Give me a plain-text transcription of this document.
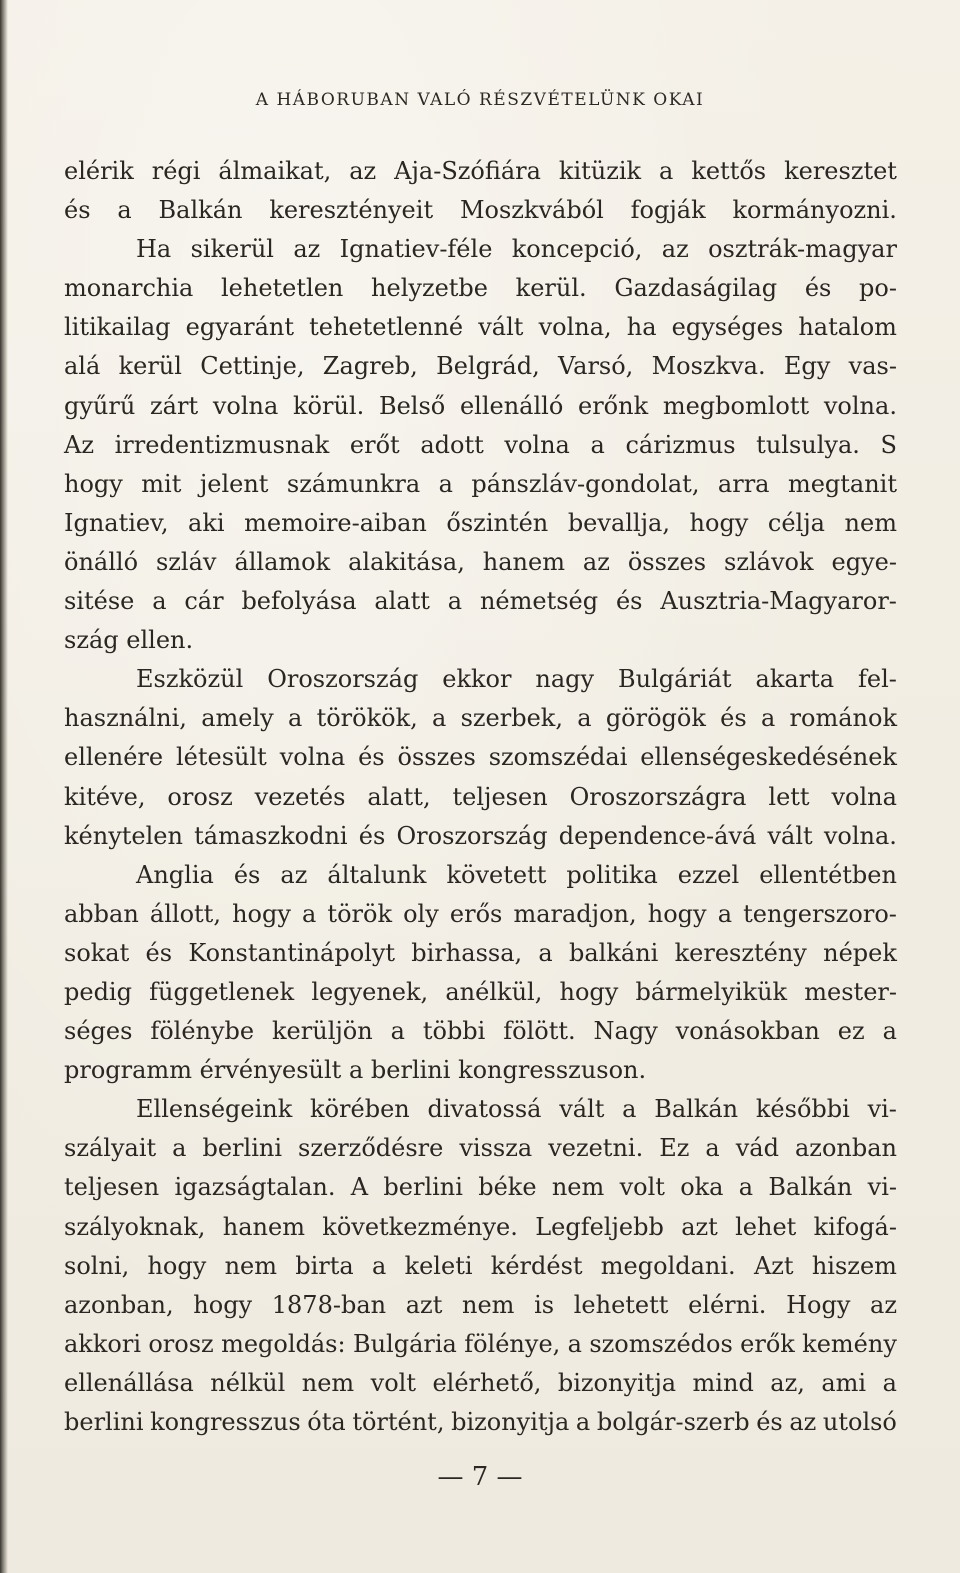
A HÁBORUBAN VALÓ RÉSZVÉTELÜNK OKAI
elérik régi álmaikat, az Aja-Szófiára kitüzik a kettős keresztet
és a Balkán keresztényeit Moszkvából fogják kormányozni.
Ha sikerül az Ignatiev-féle koncepció, az osztrák-magyar
monarchia lehetetlen helyzetbe kerül. Gazdaságilag és po-
litikailag egyaránt tehetetlenné vált volna, ha egységes hatalom
alá kerül Cettinje, Zagreb, Belgrád, Varsó, Moszkva. Egy vas-
gyűrű zárt volna körül. Belső ellenálló erőnk megbomlott volna.
Az irredentizmusnak erőt adott volna a cárizmus tulsulya. S
hogy mit jelent számunkra a pánszláv-gondolat, arra megtanit
Ignatiev, aki memoire-aiban őszintén bevallja, hogy célja nem
önálló szláv államok alakitása, hanem az összes szlávok egye-
sitése a cár befolyása alatt a németség és Ausztria-Magyaror-
szág ellen.
Eszközül Oroszország ekkor nagy Bulgáriát akarta fel-
használni, amely a törökök, a szerbek, a görögök és a románok
ellenére létesült volna és összes szomszédai ellenségeskedésének
kitéve, orosz vezetés alatt, teljesen Oroszországra lett volna
kénytelen támaszkodni és Oroszország dependence-ává vált volna.
Anglia és az általunk követett politika ezzel ellentétben
abban állott, hogy a török oly erős maradjon, hogy a tengerszoro-
sokat és Konstantinápolyt birhassa, a balkáni keresztény népek
pedig függetlenek legyenek, anélkül, hogy bármelyikük mester-
séges fölénybe kerüljön a többi fölött. Nagy vonásokban ez a
programm érvényesült a berlini kongresszuson.
Ellenségeink körében divatossá vált a Balkán későbbi vi-
szályait a berlini szerződésre vissza vezetni. Ez a vád azonban
teljesen igazságtalan. A berlini béke nem volt oka a Balkán vi-
szályoknak, hanem következménye. Legfeljebb azt lehet kifogá-
solni, hogy nem birta a keleti kérdést megoldani. Azt hiszem
azonban, hogy 1878-ban azt nem is lehetett elérni. Hogy az
akkori orosz megoldás: Bulgária fölénye, a szomszédos erők kemény
ellenállása nélkül nem volt elérhető, bizonyitja mind az, ami a
berlini kongresszus óta történt, bizonyitja a bolgár-szerb és az utolsó
— 7 —
